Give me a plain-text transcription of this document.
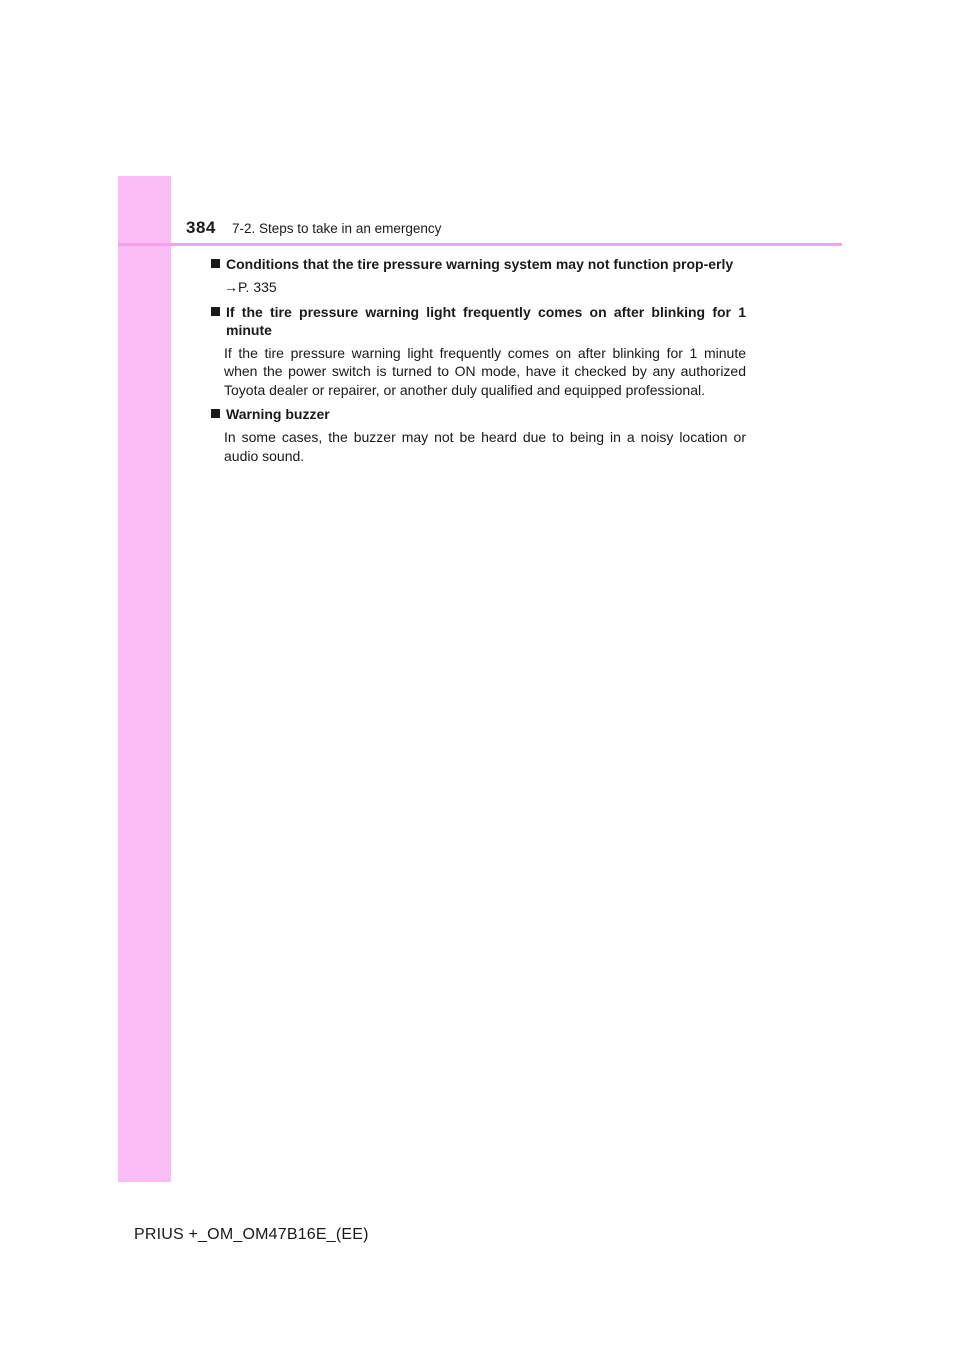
384 7-2. Steps to take in an emergency
Conditions that the tire pressure warning system may not function prop-erly
→P. 335
If the tire pressure warning light frequently comes on after blinking for 1 minute
If the tire pressure warning light frequently comes on after blinking for 1 minute when the power switch is turned to ON mode, have it checked by any authorized Toyota dealer or repairer, or another duly qualified and equipped professional.
Warning buzzer
In some cases, the buzzer may not be heard due to being in a noisy location or audio sound.
PRIUS +_OM_OM47B16E_(EE)
